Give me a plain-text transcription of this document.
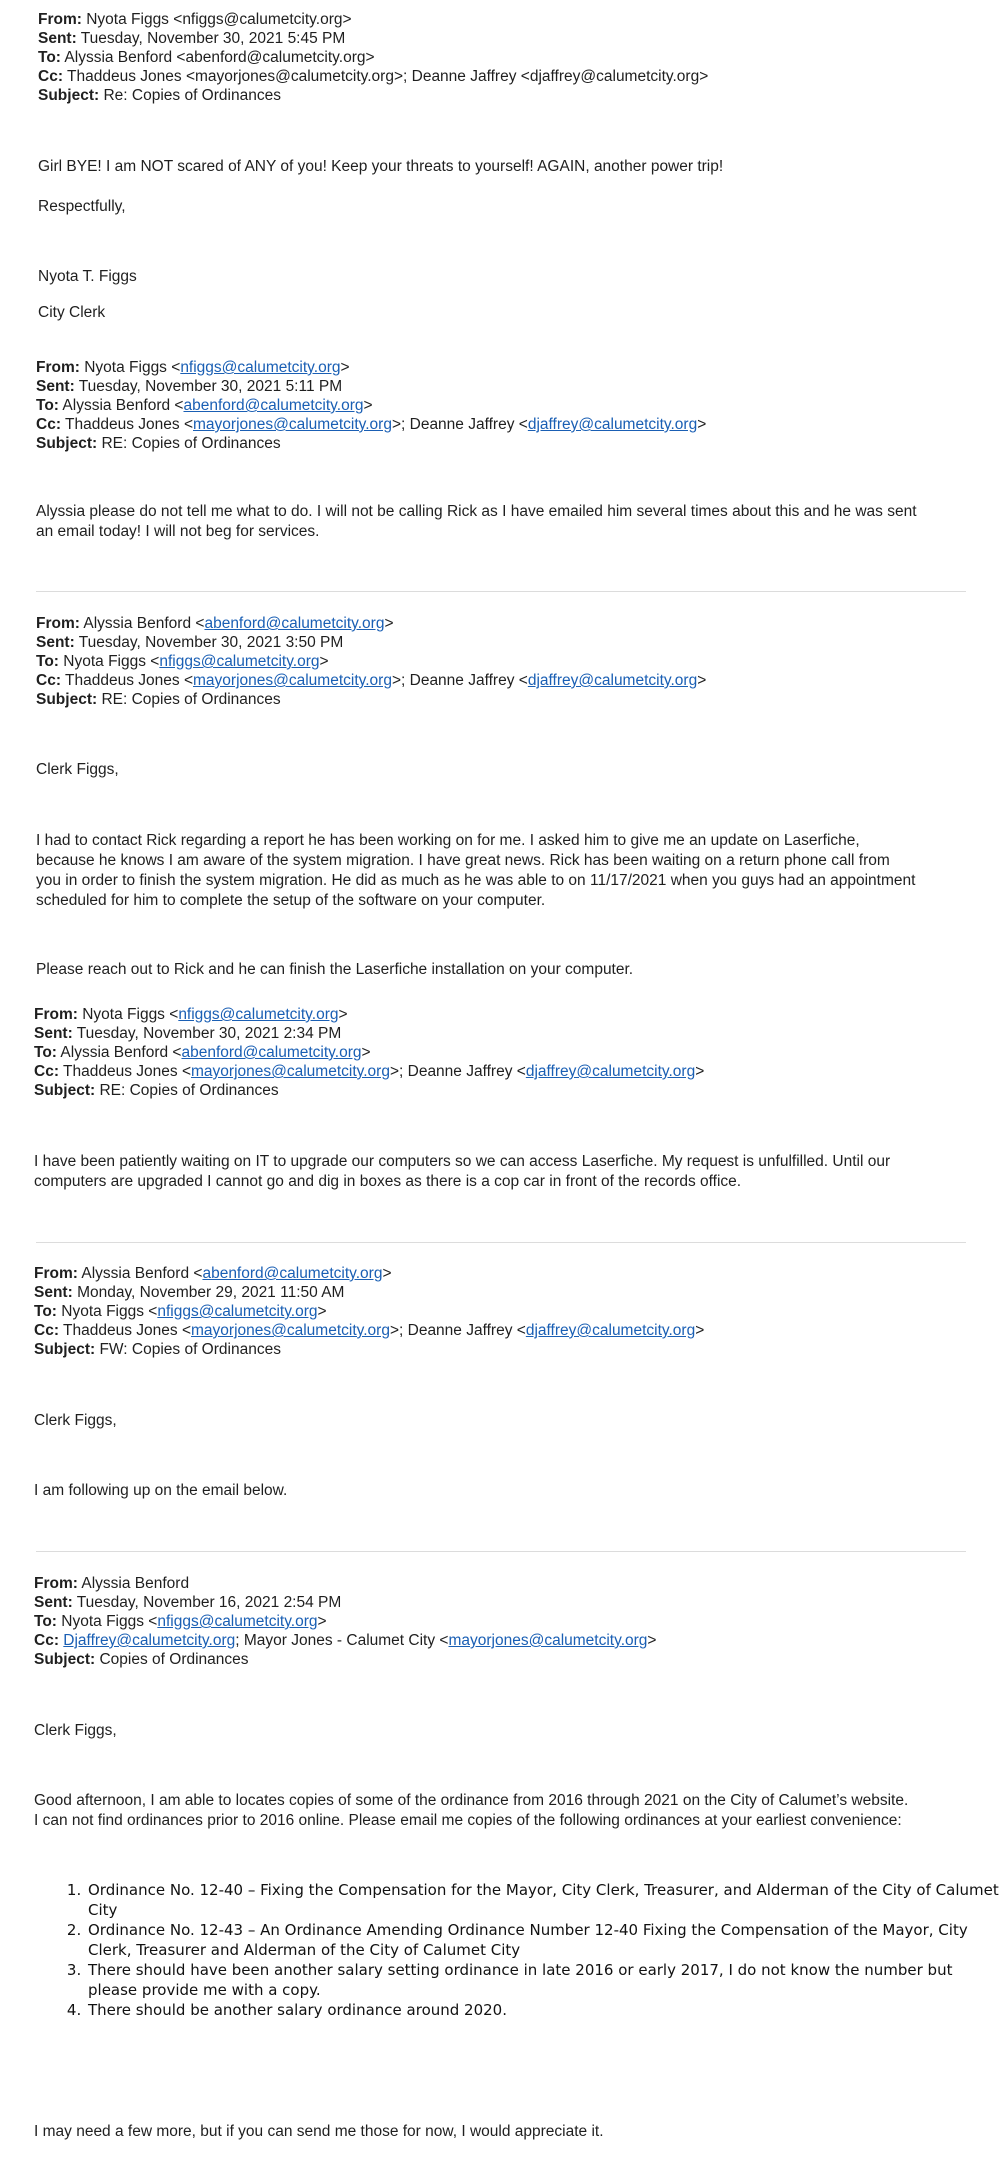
From: Nyota Figgs <nfiggs@calumetcity.org>
Sent: Tuesday, November 30, 2021 5:45 PM
To: Alyssia Benford <abenford@calumetcity.org>
Cc: Thaddeus Jones <mayorjones@calumetcity.org>; Deanne Jaffrey <djaffrey@calumetcity.org>
Subject: Re: Copies of Ordinances
Girl BYE! I am NOT scared of ANY of you! Keep your threats to yourself! AGAIN, another power trip!
Respectfully,
Nyota T. Figgs
City Clerk
From: Nyota Figgs <nfiggs@calumetcity.org>
Sent: Tuesday, November 30, 2021 5:11 PM
To: Alyssia Benford <abenford@calumetcity.org>
Cc: Thaddeus Jones <mayorjones@calumetcity.org>; Deanne Jaffrey <djaffrey@calumetcity.org>
Subject: RE: Copies of Ordinances
Alyssia please do not tell me what to do. I will not be calling Rick as I have emailed him several times about this and he was sent
an email today! I will not beg for services.
From: Alyssia Benford <abenford@calumetcity.org>
Sent: Tuesday, November 30, 2021 3:50 PM
To: Nyota Figgs <nfiggs@calumetcity.org>
Cc: Thaddeus Jones <mayorjones@calumetcity.org>; Deanne Jaffrey <djaffrey@calumetcity.org>
Subject: RE: Copies of Ordinances
Clerk Figgs,
I had to contact Rick regarding a report he has been working on for me. I asked him to give me an update on Laserfiche,
because he knows I am aware of the system migration. I have great news. Rick has been waiting on a return phone call from
you in order to finish the system migration. He did as much as he was able to on 11/17/2021 when you guys had an appointment
scheduled for him to complete the setup of the software on your computer.
Please reach out to Rick and he can finish the Laserfiche installation on your computer.
From: Nyota Figgs <nfiggs@calumetcity.org>
Sent: Tuesday, November 30, 2021 2:34 PM
To: Alyssia Benford <abenford@calumetcity.org>
Cc: Thaddeus Jones <mayorjones@calumetcity.org>; Deanne Jaffrey <djaffrey@calumetcity.org>
Subject: RE: Copies of Ordinances
I have been patiently waiting on IT to upgrade our computers so we can access Laserfiche. My request is unfulfilled. Until our
computers are upgraded I cannot go and dig in boxes as there is a cop car in front of the records office.
From: Alyssia Benford <abenford@calumetcity.org>
Sent: Monday, November 29, 2021 11:50 AM
To: Nyota Figgs <nfiggs@calumetcity.org>
Cc: Thaddeus Jones <mayorjones@calumetcity.org>; Deanne Jaffrey <djaffrey@calumetcity.org>
Subject: FW: Copies of Ordinances
Clerk Figgs,
I am following up on the email below.
From: Alyssia Benford
Sent: Tuesday, November 16, 2021 2:54 PM
To: Nyota Figgs <nfiggs@calumetcity.org>
Cc: Djaffrey@calumetcity.org; Mayor Jones - Calumet City <mayorjones@calumetcity.org>
Subject: Copies of Ordinances
Clerk Figgs,
Good afternoon, I am able to locates copies of some of the ordinance from 2016 through 2021 on the City of Calumet’s website.
I can not find ordinances prior to 2016 online. Please email me copies of the following ordinances at your earliest convenience:
1. Ordinance No. 12-40 – Fixing the Compensation for the Mayor, City Clerk, Treasurer, and Alderman of the City of Calumet City
2. Ordinance No. 12-43 – An Ordinance Amending Ordinance Number 12-40 Fixing the Compensation of the Mayor, City Clerk, Treasurer and Alderman of the City of Calumet City
3. There should have been another salary setting ordinance in late 2016 or early 2017, I do not know the number but please provide me with a copy.
4. There should be another salary ordinance around 2020.
I may need a few more, but if you can send me those for now, I would appreciate it.
